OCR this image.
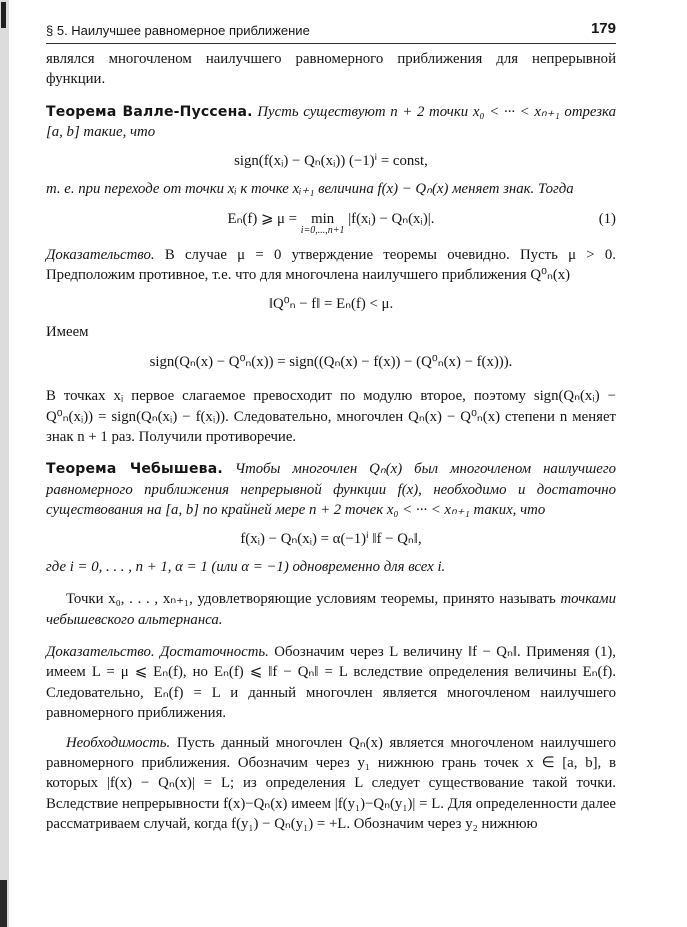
§ 5. Наилучшее равномерное приближение	179

являлся многочленом наилучшего равномерного приближения для непрерывной функции.

Теорема Валле-Пуссена. Пусть существуют n + 2 точки x₀ < ··· < xₙ₊₁ отрезка [a, b] такие, что

sign(f(xᵢ) − Qₙ(xᵢ)) (−1)ⁱ = const,

т. е. при переходе от точки xᵢ к точке xᵢ₊₁ величина f(x) − Qₙ(x) меняет знак. Тогда

Eₙ(f) ⩾ μ = min
i=0,...,n+1
|f(xᵢ) − Qₙ(xᵢ)|.	(1)

Доказательство. В случае μ = 0 утверждение теоремы очевидно. Пусть μ > 0. Предположим противное, т.е. что для многочлена наилучшего приближения Q⁰ₙ(x)

‖Q⁰ₙ − f‖ = Eₙ(f) < μ.

Имеем

sign(Qₙ(x) − Q⁰ₙ(x)) = sign((Qₙ(x) − f(x)) − (Q⁰ₙ(x) − f(x))).

В точках xᵢ первое слагаемое превосходит по модулю второе, поэтому sign(Qₙ(xᵢ) − Q⁰ₙ(xᵢ)) = sign(Qₙ(xᵢ) − f(xᵢ)). Следовательно, многочлен Qₙ(x) − Q⁰ₙ(x) степени n меняет знак n + 1 раз. Получили противоречие.

Теорема Чебышева. Чтобы многочлен Qₙ(x) был многочленом наилучшего равномерного приближения непрерывной функции f(x), необходимо и достаточно существования на [a, b] по крайней мере n + 2 точек x₀ < ··· < xₙ₊₁ таких, что

f(xᵢ) − Qₙ(xᵢ) = α(−1)ⁱ ‖f − Qₙ‖,

где i = 0, . . . , n + 1, α = 1 (или α = −1) одновременно для всех i.

Точки x₀, . . . , xₙ₊₁, удовлетворяющие условиям теоремы, принято называть точками чебышевского альтернанса.

Доказательство. Достаточность. Обозначим через L величину ‖f − Qₙ‖. Применяя (1), имеем L = μ ⩽ Eₙ(f), но Eₙ(f) ⩽ ‖f − Qₙ‖ = L вследствие определения величины Eₙ(f). Следовательно, Eₙ(f) = L и данный многочлен является многочленом наилучшего равномерного приближения.

Необходимость. Пусть данный многочлен Qₙ(x) является многочленом наилучшего равномерного приближения. Обозначим через y₁ нижнюю грань точек x ∈ [a, b], в которых |f(x) − Qₙ(x)| = L; из определения L следует существование такой точки. Вследствие непрерывности f(x)−Qₙ(x) имеем |f(y₁)−Qₙ(y₁)| = L. Для определенности далее рассматриваем случай, когда f(y₁) − Qₙ(y₁) = +L. Обозначим через y₂ нижнюю
